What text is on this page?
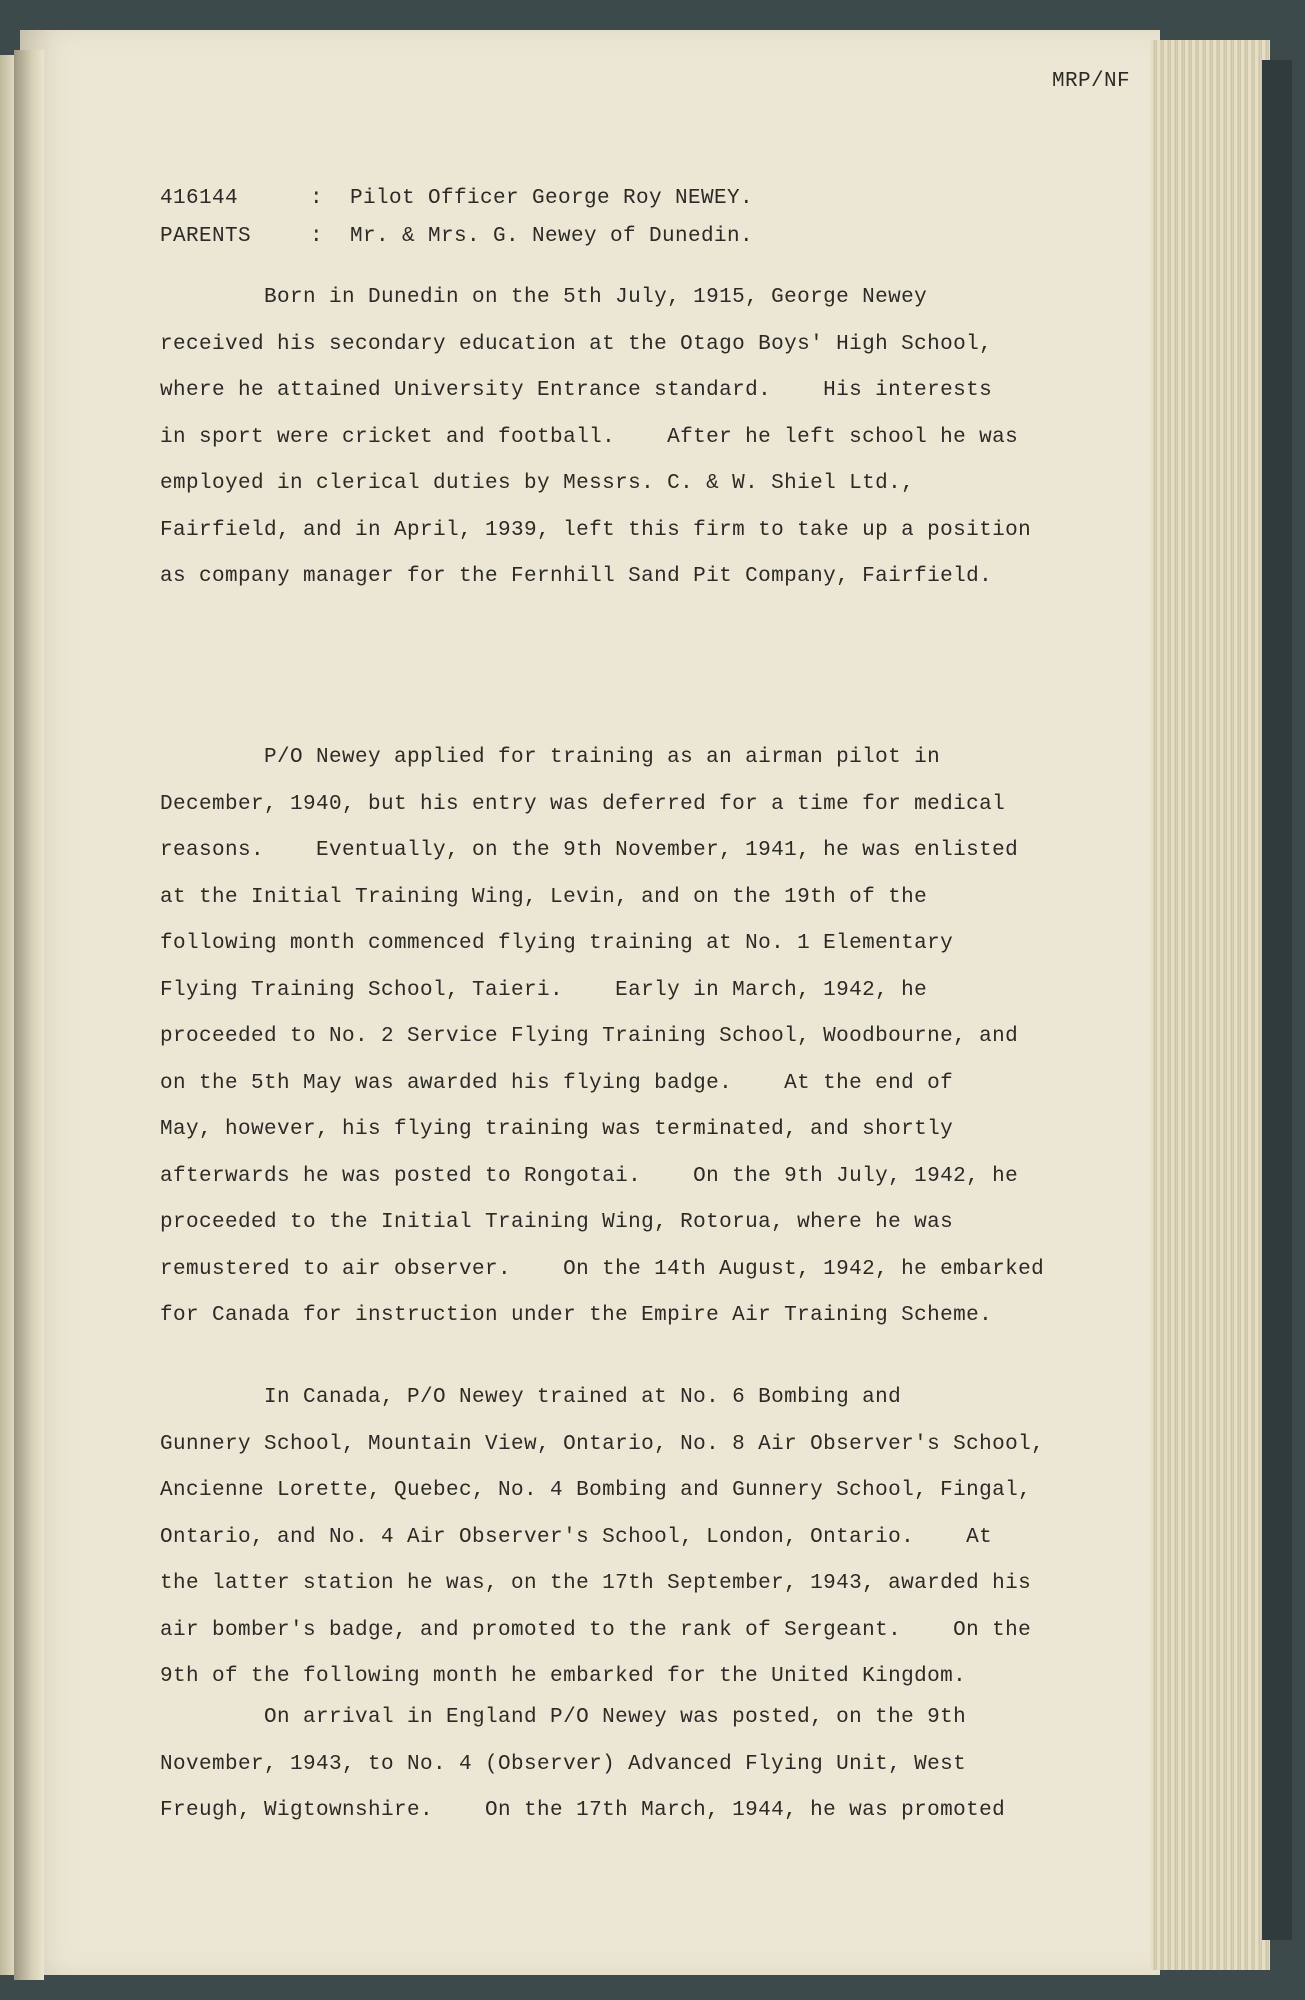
MRP/NF
416144	:	Pilot Officer George Roy NEWEY.
PARENTS	:	Mr. & Mrs. G. Newey of Dunedin.
Born in Dunedin on the 5th July, 1915, George Newey
received his secondary education at the Otago Boys' High School,
where he attained University Entrance standard.    His interests
in sport were cricket and football.    After he left school he was
employed in clerical duties by Messrs. C. & W. Shiel Ltd.,
Fairfield, and in April, 1939, left this firm to take up a position
as company manager for the Fernhill Sand Pit Company, Fairfield.
P/O Newey applied for training as an airman pilot in
December, 1940, but his entry was deferred for a time for medical
reasons.    Eventually, on the 9th November, 1941, he was enlisted
at the Initial Training Wing, Levin, and on the 19th of the
following month commenced flying training at No. 1 Elementary
Flying Training School, Taieri.    Early in March, 1942, he
proceeded to No. 2 Service Flying Training School, Woodbourne, and
on the 5th May was awarded his flying badge.    At the end of
May, however, his flying training was terminated, and shortly
afterwards he was posted to Rongotai.    On the 9th July, 1942, he
proceeded to the Initial Training Wing, Rotorua, where he was
remustered to air observer.    On the 14th August, 1942, he embarked
for Canada for instruction under the Empire Air Training Scheme.
In Canada, P/O Newey trained at No. 6 Bombing and
Gunnery School, Mountain View, Ontario, No. 8 Air Observer's School,
Ancienne Lorette, Quebec, No. 4 Bombing and Gunnery School, Fingal,
Ontario, and No. 4 Air Observer's School, London, Ontario.    At
the latter station he was, on the 17th September, 1943, awarded his
air bomber's badge, and promoted to the rank of Sergeant.    On the
9th of the following month he embarked for the United Kingdom.
On arrival in England P/O Newey was posted, on the 9th
November, 1943, to No. 4 (Observer) Advanced Flying Unit, West
Freugh, Wigtownshire.    On the 17th March, 1944, he was promoted
